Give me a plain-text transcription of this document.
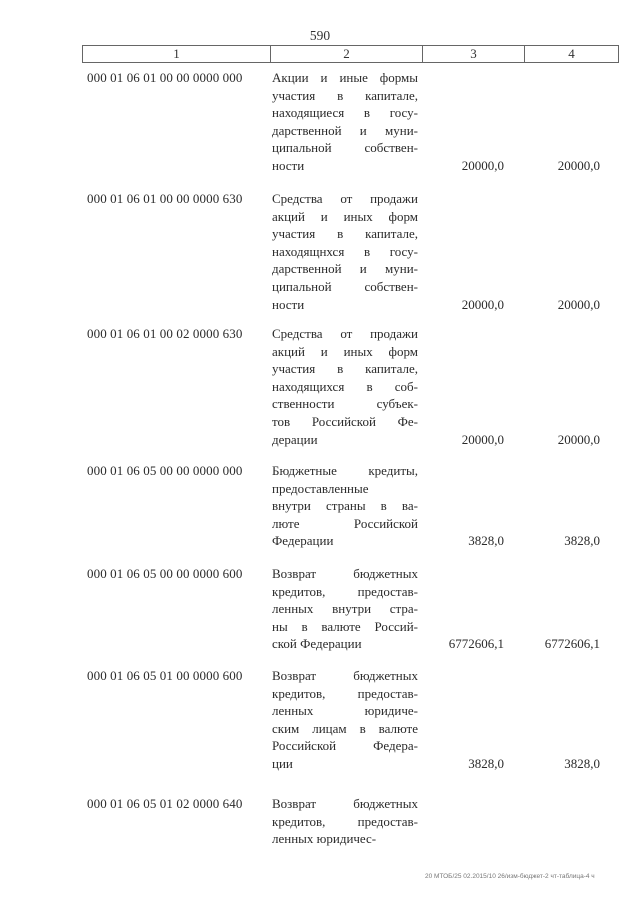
590
1	2	3	4
000 01 06 01 00 00 0000 000 Акции и иные формы
участия в капитале,
находящиеся в госу-
дарственной и муни-
ципальной собствен-
ности	20000,0	20000,0
000 01 06 01 00 00 0000 630 Средства от продажи
акций и иных форм
участия в капитале,
находящнхся в госу-
дарственной и муни-
ципальной собствен-
ности	20000,0	20000,0
000 01 06 01 00 02 0000 630 Средства от продажи
акций и иных форм
участия в капитале,
находящихся в соб-
ственности субъек-
тов Российской Фе-
дерации	20000,0	20000,0
000 01 06 05 00 00 0000 000 Бюджетные кредиты,
предоставленные
внутри страны в ва-
люте Российской
Федерации	3828,0	3828,0
000 01 06 05 00 00 0000 600 Возврат бюджетных
кредитов, предостав-
ленных внутри стра-
ны в валюте Россий-
ской Федерации	6772606,1	6772606,1
000 01 06 05 01 00 0000 600 Возврат бюджетных
кредитов, предостав-
ленных юридиче-
ским лицам в валюте
Российской Федера-
ции	3828,0	3828,0
000 01 06 05 01 02 0000 640 Возврат бюджетных
кредитов, предостав-
ленных юридичес-
20 МТОБ/25 02.2015/10 26/изм-бюджет-2 чт-таблица-4 ч
